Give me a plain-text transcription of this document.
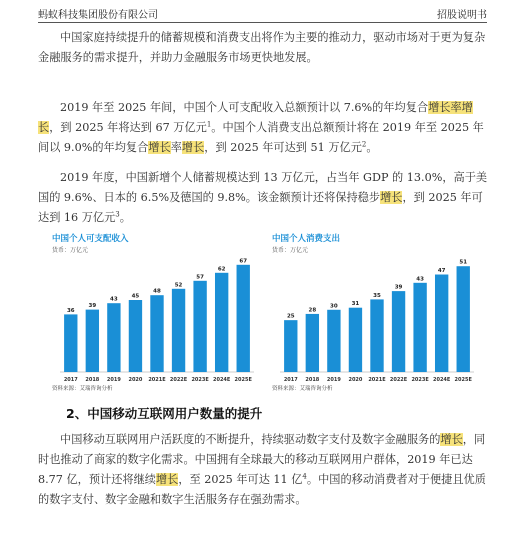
蚂蚁科技集团股份有限公司	招股说明书

中国家庭持续提升的储蓄规模和消费支出将作为主要的推动力，驱动市场对于更为复杂金融服务的需求提升，并助力金融服务市场更快地发展。

2019 年至 2025 年间，中国个人可支配收入总额预计以 7.6%的年均复合增长率增长，到 2025 年将达到 67 万亿元$^1$。中国个人消费支出总额预计将在 2019 年至 2025 年间以 9.0%的年均复合增长率增长，到 2025 年可达到 51 万亿元$^2$。

2019 年度，中国新增个人储蓄规模达到 13 万亿元，占当年 GDP 的 13.0%，高于美国的 9.6%、日本的 6.5%及德国的 9.8%。该金额预计还将保持稳步增长，到 2025 年可达到 16 万亿元$^3$。

中国个人可支配收入
货币：万亿元
36
2017
39
2018
43
2019
45
2020
48
2021E
52
2022E
57
2023E
62
2024E
67
2025E
资料来源：艾瑞咨询分析
中国个人消费支出
货币：万亿元
25
2017
28
2018
30
2019
31
2020
35
2021E
39
2022E
43
2023E
47
2024E
51
2025E
资料来源：艾瑞咨询分析
2、中国移动互联网用户数量的提升

中国移动互联网用户活跃度的不断提升，持续驱动数字支付及数字金融服务的增长，同时也推动了商家的数字化需求。中国拥有全球最大的移动互联网用户群体，2019 年已达 8.77 亿，预计还将继续增长，至 2025 年可达 11 亿$^4$。中国的移动消费者对于便捷且优质的数字支付、数字金融和数字生活服务存在强劲需求。
